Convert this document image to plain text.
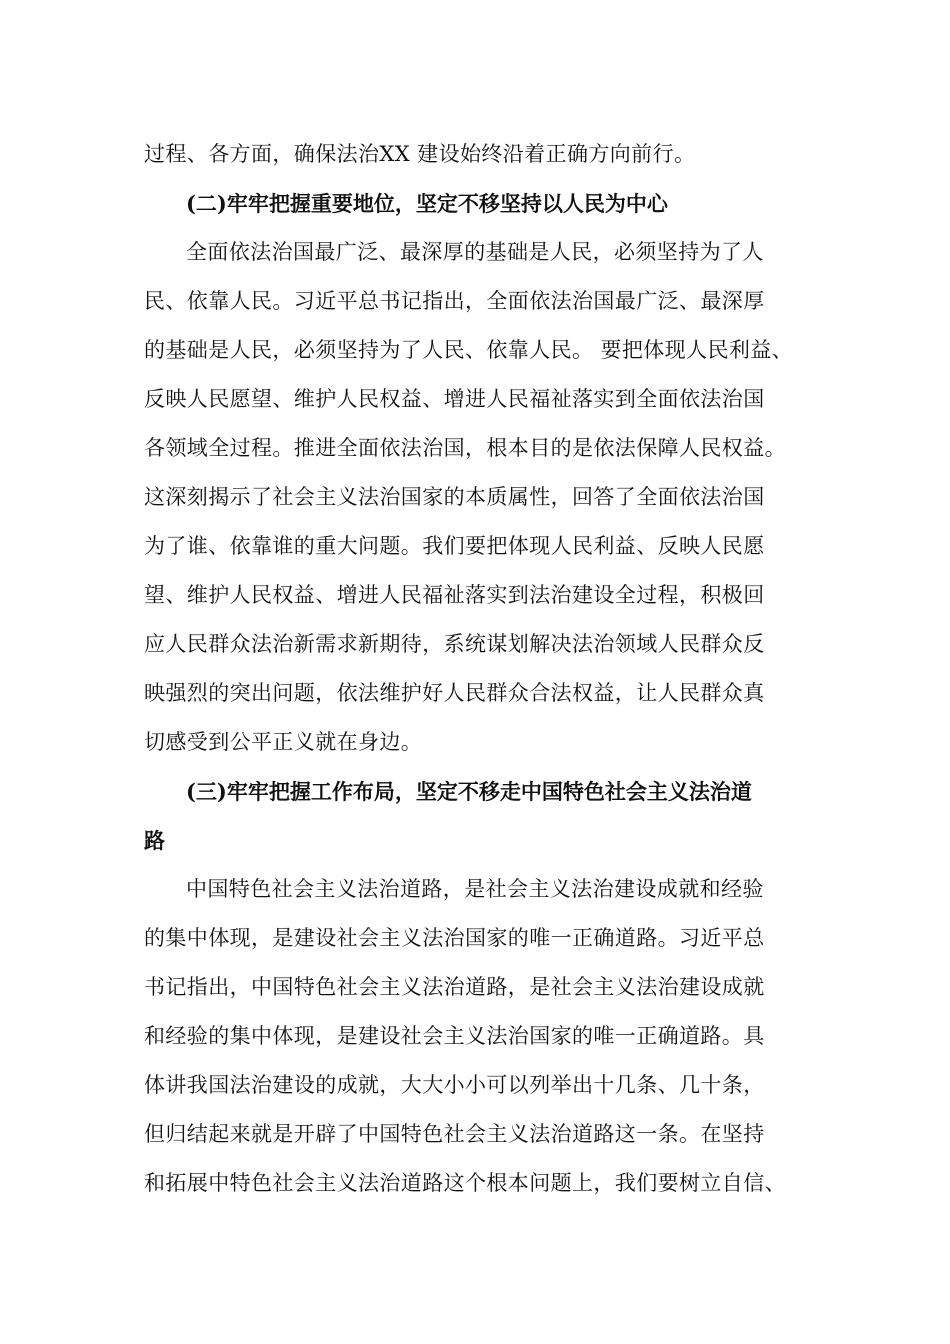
过程、各方面，确保法治XX 建设始终沿着正确方向前行。
(二)牢牢把握重要地位，坚定不移坚持以人民为中心
全面依法治国最广泛、最深厚的基础是人民，必须坚持为了人
民、依靠人民。习近平总书记指出，全面依法治国最广泛、最深厚
的基础是人民，必须坚持为了人民、依靠人民。 要把体现人民利益、
反映人民愿望、维护人民权益、增进人民福祉落实到全面依法治国
各领域全过程。推进全面依法治国，根本目的是依法保障人民权益。
这深刻揭示了社会主义法治国家的本质属性，回答了全面依法治国
为了谁、依靠谁的重大问题。我们要把体现人民利益、反映人民愿
望、维护人民权益、增进人民福祉落实到法治建设全过程，积极回
应人民群众法治新需求新期待，系统谋划解决法治领域人民群众反
映强烈的突出问题，依法维护好人民群众合法权益，让人民群众真
切感受到公平正义就在身边。
(三)牢牢把握工作布局，坚定不移走中国特色社会主义法治道
路
中国特色社会主义法治道路，是社会主义法治建设成就和经验
的集中体现，是建设社会主义法治国家的唯一正确道路。习近平总
书记指出，中国特色社会主义法治道路，是社会主义法治建设成就
和经验的集中体现，是建设社会主义法治国家的唯一正确道路。具
体讲我国法治建设的成就，大大小小可以列举出十几条、几十条，
但归结起来就是开辟了中国特色社会主义法治道路这一条。在坚持
和拓展中特色社会主义法治道路这个根本问题上，我们要树立自信、
